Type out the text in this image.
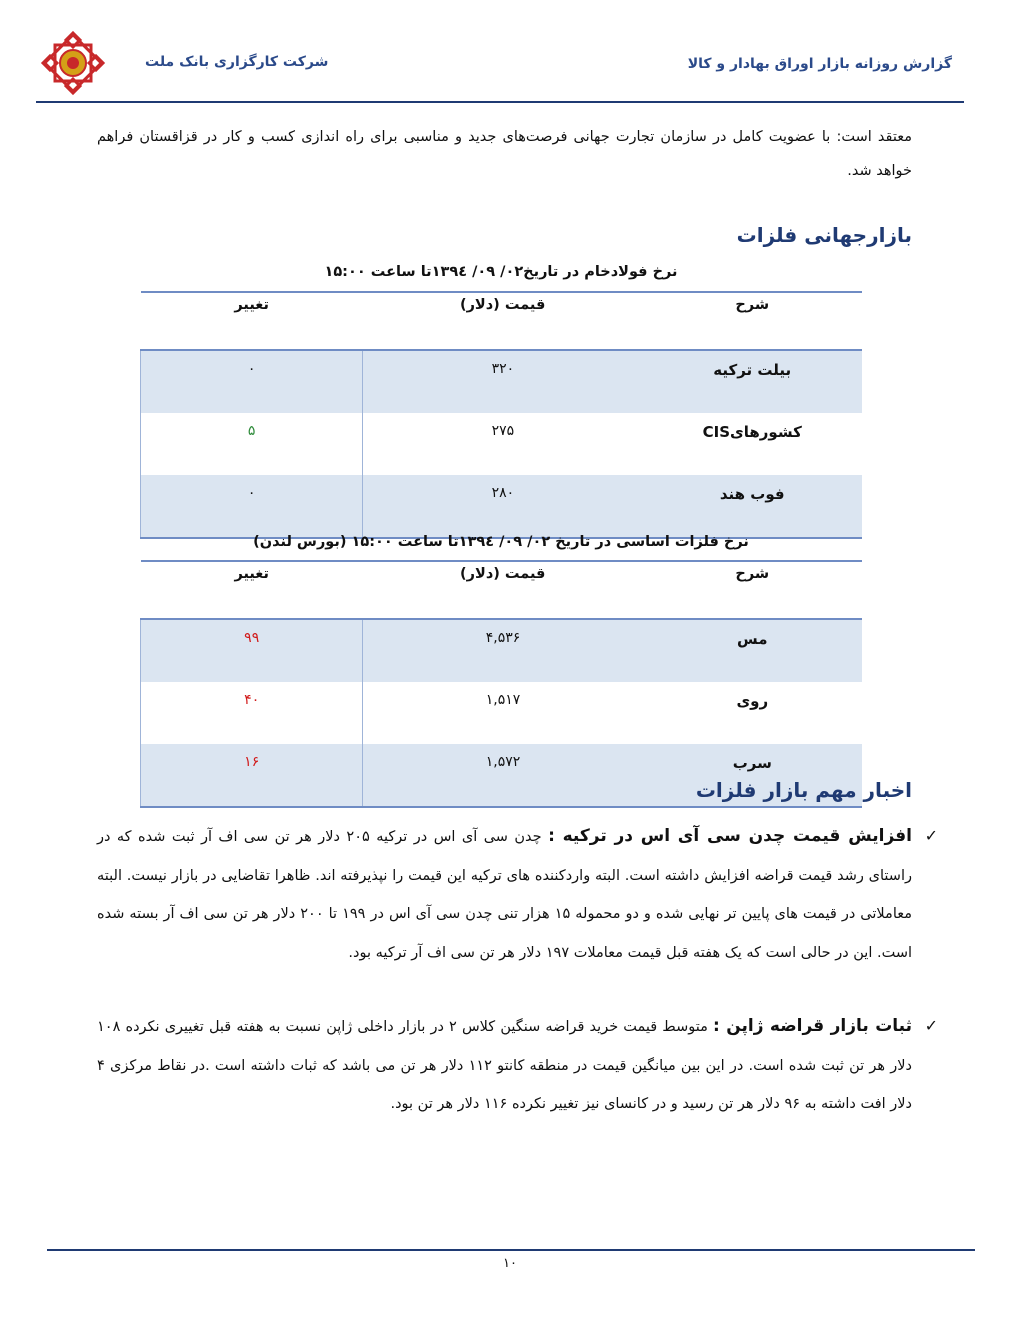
شرکت کارگزاری بانک ملت	گزارش روزانه بازار اوراق بهادار و کالا
معتقد است: با عضویت کامل در سازمان تجارت جهانی فرصت‌های جدید و مناسبی برای راه اندازی کسب و کار در قزاقستان فراهم خواهد شد.
بازارجهانی فلزات
نرخ فولادخام در تاریخ۰۲/ ۰۹/ ۱۳۹٤تا ساعت ۱۵:۰۰
شرح	قیمت (دلار)	تغییر
بیلت ترکیه	۳۲۰	۰
کشورهایCIS	۲۷۵	۵
فوب هند	۲۸۰	۰
نرخ فلزات اساسی در تاریخ ۰۲/ ۰۹/ ۱۳۹٤تا ساعت ۱۵:۰۰ (بورس لندن)
شرح	قیمت (دلار)	تغییر
مس	۴,۵۳۶	۹۹
روی	۱,۵۱۷	۴۰
سرب	۱,۵۷۲	۱۶
اخبار مهم بازار فلزات
✓
افزایش قیمت چدن سی آی اس در ترکیه : چدن سی آی اس در ترکیه ۲۰۵ دلار هر تن سی اف آر ثبت شده که در راستای رشد قیمت قراضه افزایش داشته است. البته واردکننده های ترکیه این قیمت را نپذیرفته اند. ظاهرا تقاضایی در بازار نیست. البته معاملاتی در قیمت های پایین تر نهایی شده و دو محموله ۱۵ هزار تنی چدن سی آی اس در ۱۹۹ تا ۲۰۰ دلار هر تن سی اف آر بسته شده است. این در حالی است که یک هفته قبل قیمت معاملات ۱۹۷ دلار هر تن سی اف آر ترکیه بود.
✓
ثبات بازار قراضه ژاپن : متوسط قیمت خرید قراضه سنگین کلاس ۲ در بازار داخلی ژاپن نسبت به هفته قبل تغییری نکرده ۱۰۸ دلار هر تن ثبت شده است. در این بین میانگین قیمت در منطقه کانتو ۱۱۲ دلار هر تن می باشد که ثبات داشته است .در نقاط مرکزی ۴ دلار افت داشته به ۹۶ دلار هر تن رسید و در کانسای نیز تغییر نکرده ۱۱۶ دلار هر تن بود.
۱۰
